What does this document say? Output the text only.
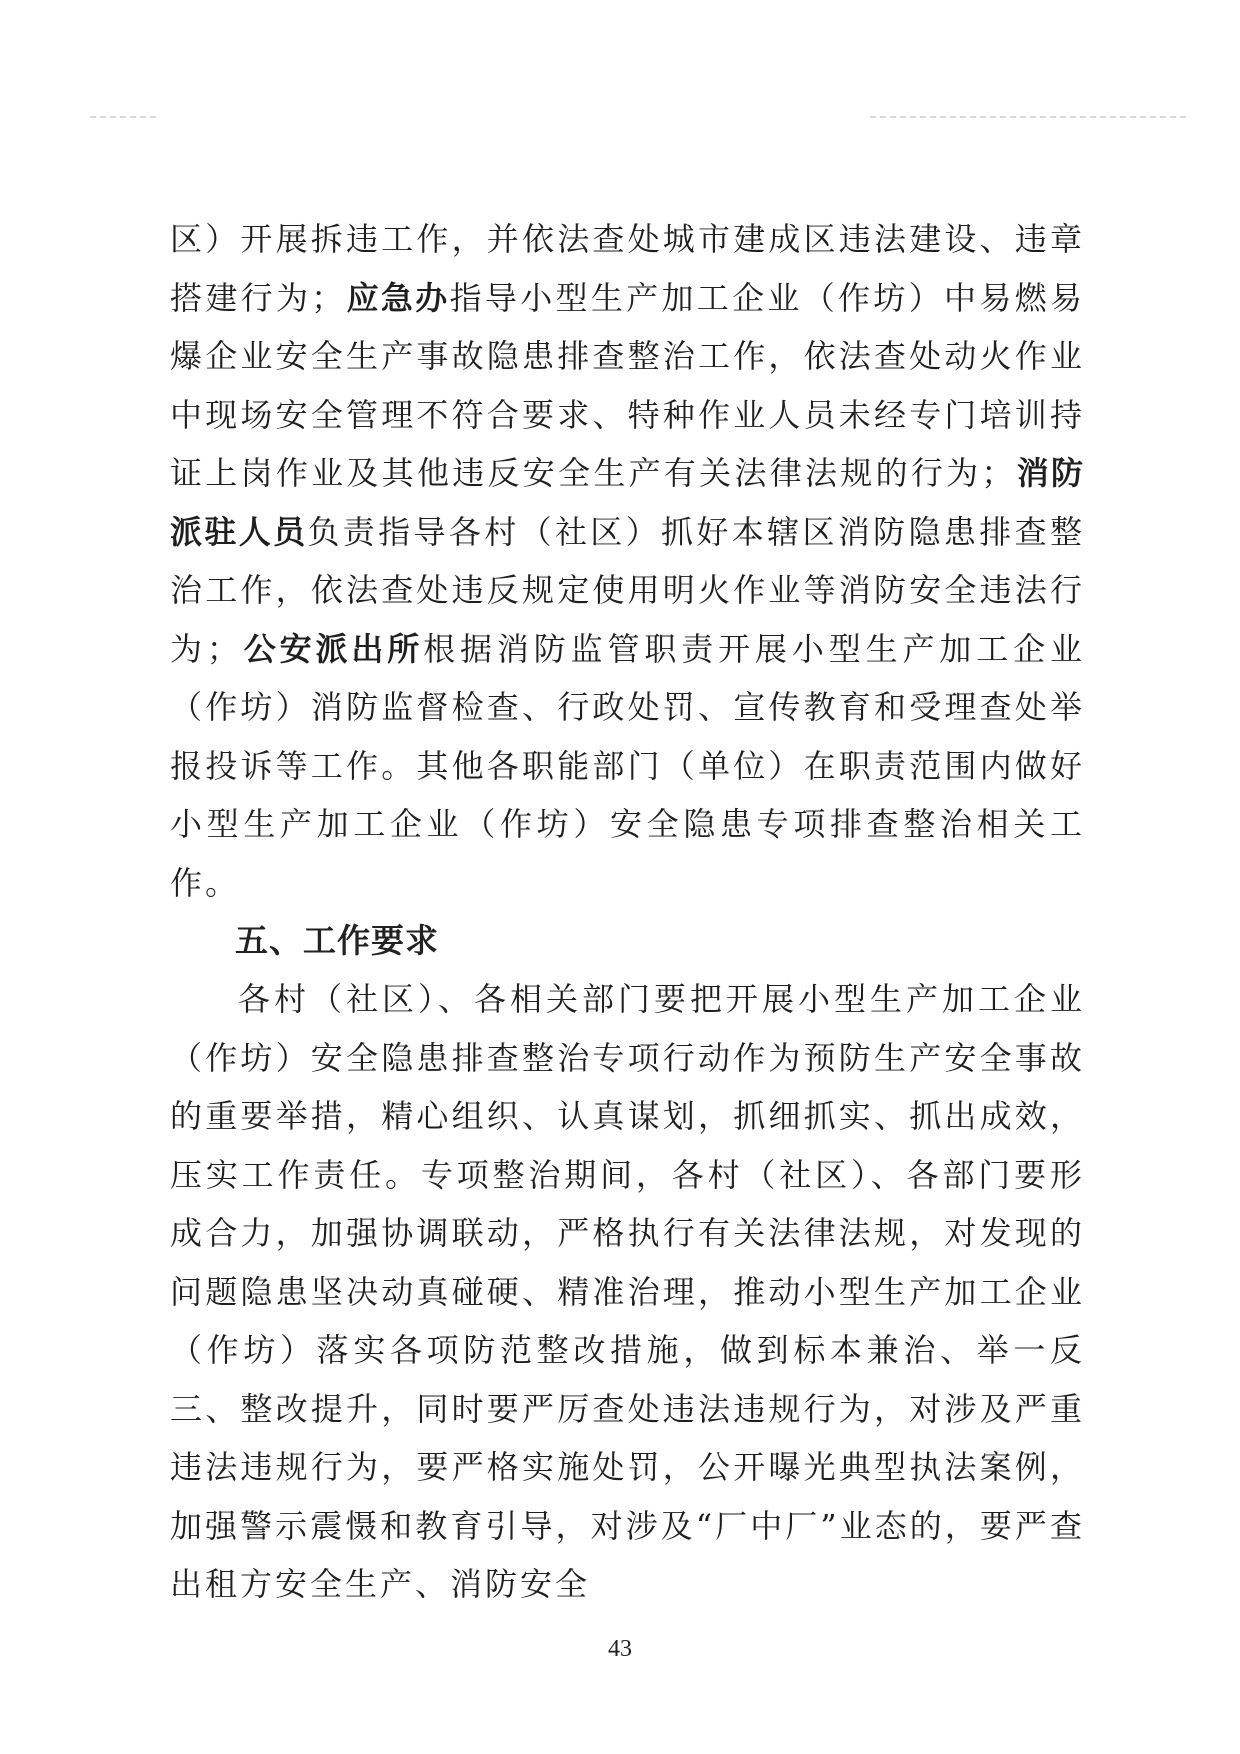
区）开展拆违工作，并依法查处城市建成区违法建设、违章搭建行为；应急办指导小型生产加工企业（作坊）中易燃易爆企业安全生产事故隐患排查整治工作，依法查处动火作业中现场安全管理不符合要求、特种作业人员未经专门培训持证上岗作业及其他违反安全生产有关法律法规的行为；消防派驻人员负责指导各村（社区）抓好本辖区消防隐患排查整治工作，依法查处违反规定使用明火作业等消防安全违法行为；公安派出所根据消防监管职责开展小型生产加工企业（作坊）消防监督检查、行政处罚、宣传教育和受理查处举报投诉等工作。其他各职能部门（单位）在职责范围内做好小型生产加工企业（作坊）安全隐患专项排查整治相关工作。

五、工作要求

各村（社区）、各相关部门要把开展小型生产加工企业（作坊）安全隐患排查整治专项行动作为预防生产安全事故的重要举措，精心组织、认真谋划，抓细抓实、抓出成效，压实工作责任。专项整治期间，各村（社区）、各部门要形成合力，加强协调联动，严格执行有关法律法规，对发现的问题隐患坚决动真碰硬、精准治理，推动小型生产加工企业（作坊）落实各项防范整改措施，做到标本兼治、举一反三、整改提升，同时要严厉查处违法违规行为，对涉及严重违法违规行为，要严格实施处罚，公开曝光典型执法案例，加强警示震慑和教育引导，对涉及“厂中厂”业态的，要严查出租方安全生产、消防安全

43
